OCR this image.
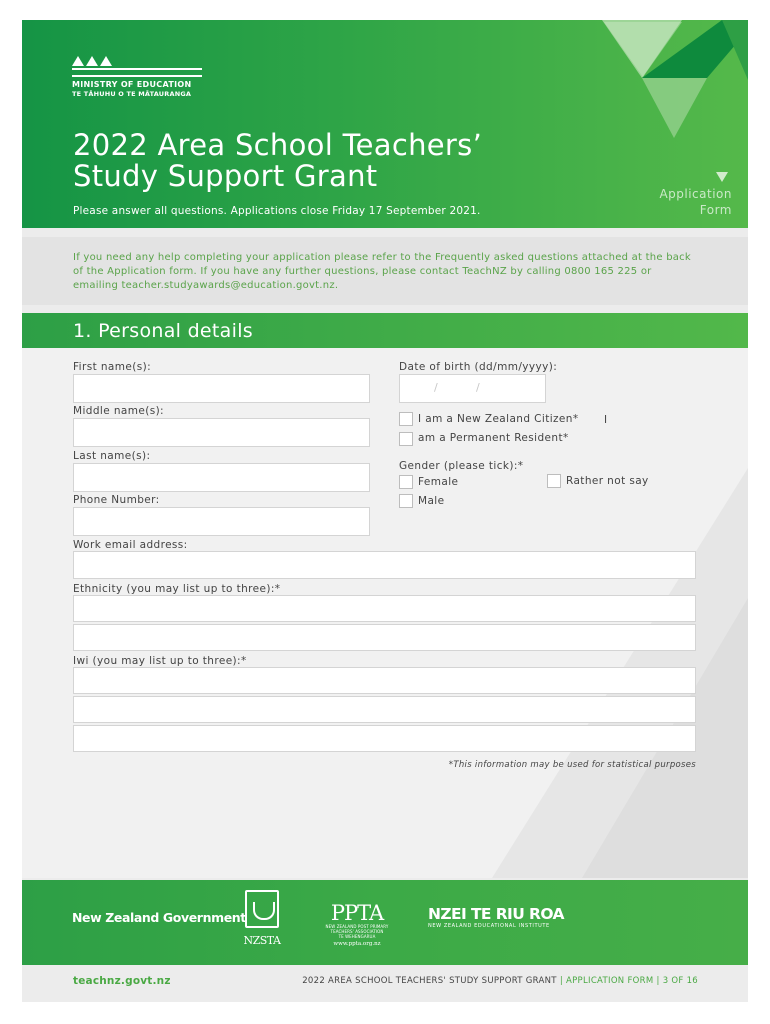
MINISTRY OF EDUCATION
TE TĀHUHU O TE MĀTAURANGA
2022 Area School Teachers’
Study Support Grant
Please answer all questions. Applications close Friday 17 September 2021.
Application
Form
If you need any help completing your application please refer to the Frequently asked questions attached at the back of the Application form. If you have any further questions, please contact TeachNZ by calling 0800 165 225 or emailing teacher.studyawards@education.govt.nz.
1. Personal details
First name(s):
Middle name(s):
Last name(s):
Phone Number:
Date of birth (dd/mm/yyyy):
/	/
I am a New Zealand Citizen* I
am a Permanent Resident*
Gender (please tick):*
Female	Rather not say
Male
Work email address:
Ethnicity (you may list up to three):*
Iwi (you may list up to three):*
*This information may be used for statistical purposes
New Zealand Government
NZSTA
PPTA
NEW ZEALAND POST PRIMARY
TEACHERS' ASSOCIATION
TE WEHENGARUA
www.ppta.org.nz
NZEI TE RIU ROA
NEW ZEALAND EDUCATIONAL INSTITUTE
teachnz.govt.nz	2022 AREA SCHOOL TEACHERS' STUDY SUPPORT GRANT | APPLICATION FORM | 3 OF 16
